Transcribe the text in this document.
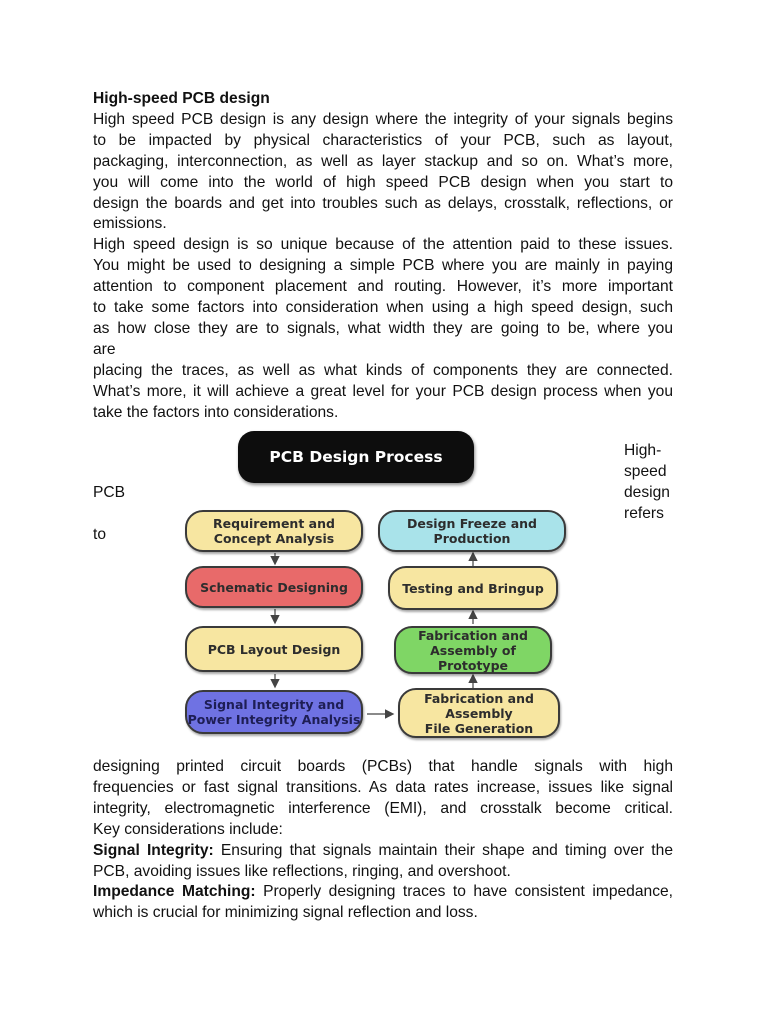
High-speed PCB design
High speed PCB design is any design where the integrity of your signals begins
to be impacted by physical characteristics of your PCB, such as layout,
packaging, interconnection, as well as layer stackup and so on. What’s more,
you will come into the world of high speed PCB design when you start to
design the boards and get into troubles such as delays, crosstalk, reflections, or
emissions.
High speed design is so unique because of the attention paid to these issues.
You might be used to designing a simple PCB where you are mainly in paying
attention to component placement and routing. However, it’s more important
to take some factors into consideration when using a high speed design, such
as how close they are to signals, what width they are going to be, where you
are
placing the traces, as well as what kinds of components they are connected.
What’s more, it will achieve a great level for your PCB design process when you
take the factors into considerations.
High-
speed
design
refers
PCB
to
PCB Design Process
Requirement and
Concept Analysis
Schematic Designing
PCB Layout Design
Signal Integrity and
Power Integrity Analysis
Design Freeze and
Production
Testing and Bringup
Fabrication and
Assembly of Prototype
Fabrication and
Assembly
File Generation
designing printed circuit boards (PCBs) that handle signals with high
frequencies or fast signal transitions. As data rates increase, issues like signal
integrity, electromagnetic interference (EMI), and crosstalk become critical.
Key considerations include:
Signal Integrity: Ensuring that signals maintain their shape and timing over the
PCB, avoiding issues like reflections, ringing, and overshoot.
Impedance Matching: Properly designing traces to have consistent impedance,
which is crucial for minimizing signal reflection and loss.
